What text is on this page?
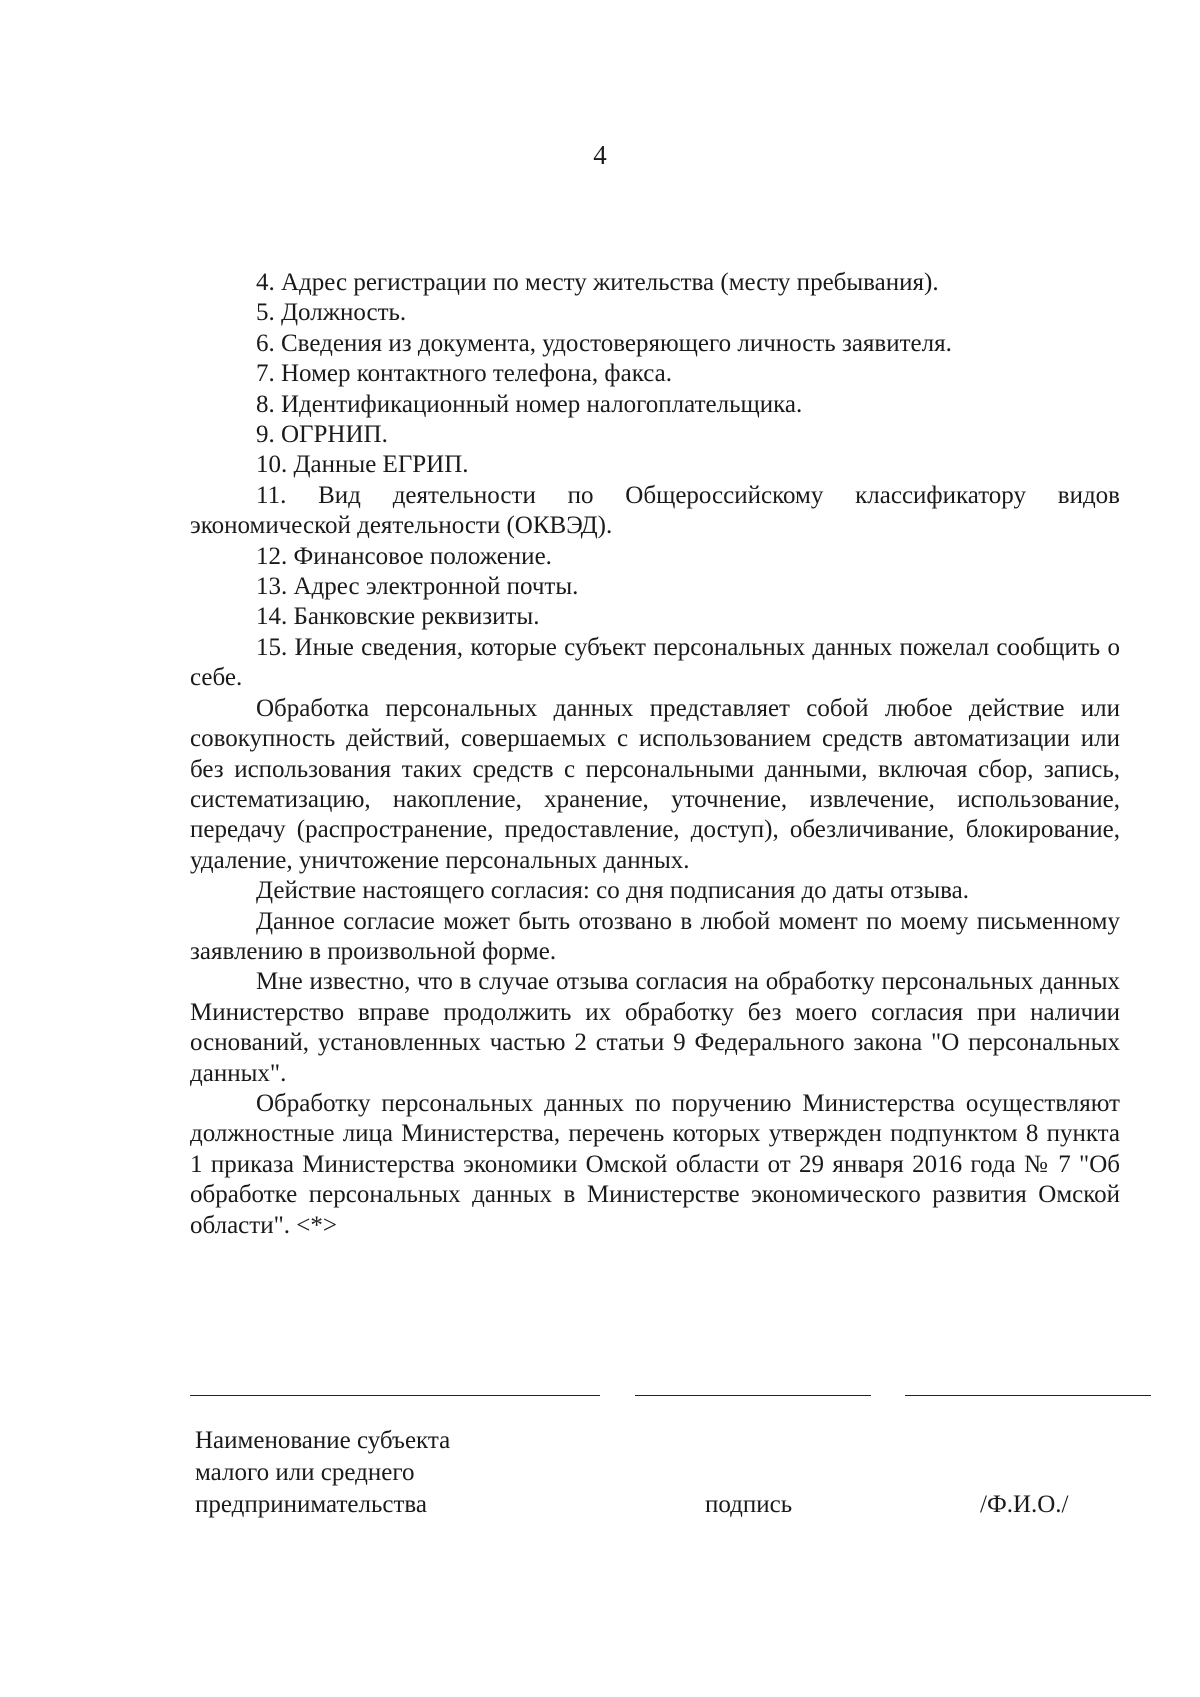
4

4. Адрес регистрации по месту жительства (месту пребывания).

5. Должность.

6. Сведения из документа, удостоверяющего личность заявителя.

7. Номер контактного телефона, факса.

8. Идентификационный номер налогоплательщика.

9. ОГРНИП.

10. Данные ЕГРИП.

11. Вид деятельности по Общероссийскому классификатору видов экономической деятельности (ОКВЭД).

12. Финансовое положение.

13. Адрес электронной почты.

14. Банковские реквизиты.

15. Иные сведения, которые субъект персональных данных пожелал сообщить о себе.

Обработка персональных данных представляет собой любое действие или совокупность действий, совершаемых с использованием средств автоматизации или без использования таких средств с персональными данными, включая сбор, запись, систематизацию, накопление, хранение, уточнение, извлечение, использование, передачу (распространение, предоставление, доступ), обезличивание, блокирование, удаление, уничтожение персональных данных.

Действие настоящего согласия: со дня подписания до даты отзыва.

Данное согласие может быть отозвано в любой момент по моему письменному заявлению в произвольной форме.

Мне известно, что в случае отзыва согласия на обработку персональных данных Министерство вправе продолжить их обработку без моего согласия при наличии оснований, установленных частью 2 статьи 9 Федерального закона "О персональных данных".

Обработку персональных данных по поручению Министерства осуществляют должностные лица Министерства, перечень которых утвержден подпунктом 8 пункта 1 приказа Министерства экономики Омской области от 29 января 2016 года № 7 "Об обработке персональных данных в Министерстве экономического развития Омской области". <*>

Наименование субъекта
малого или среднего
предпринимательства	подпись	/Ф.И.О./
